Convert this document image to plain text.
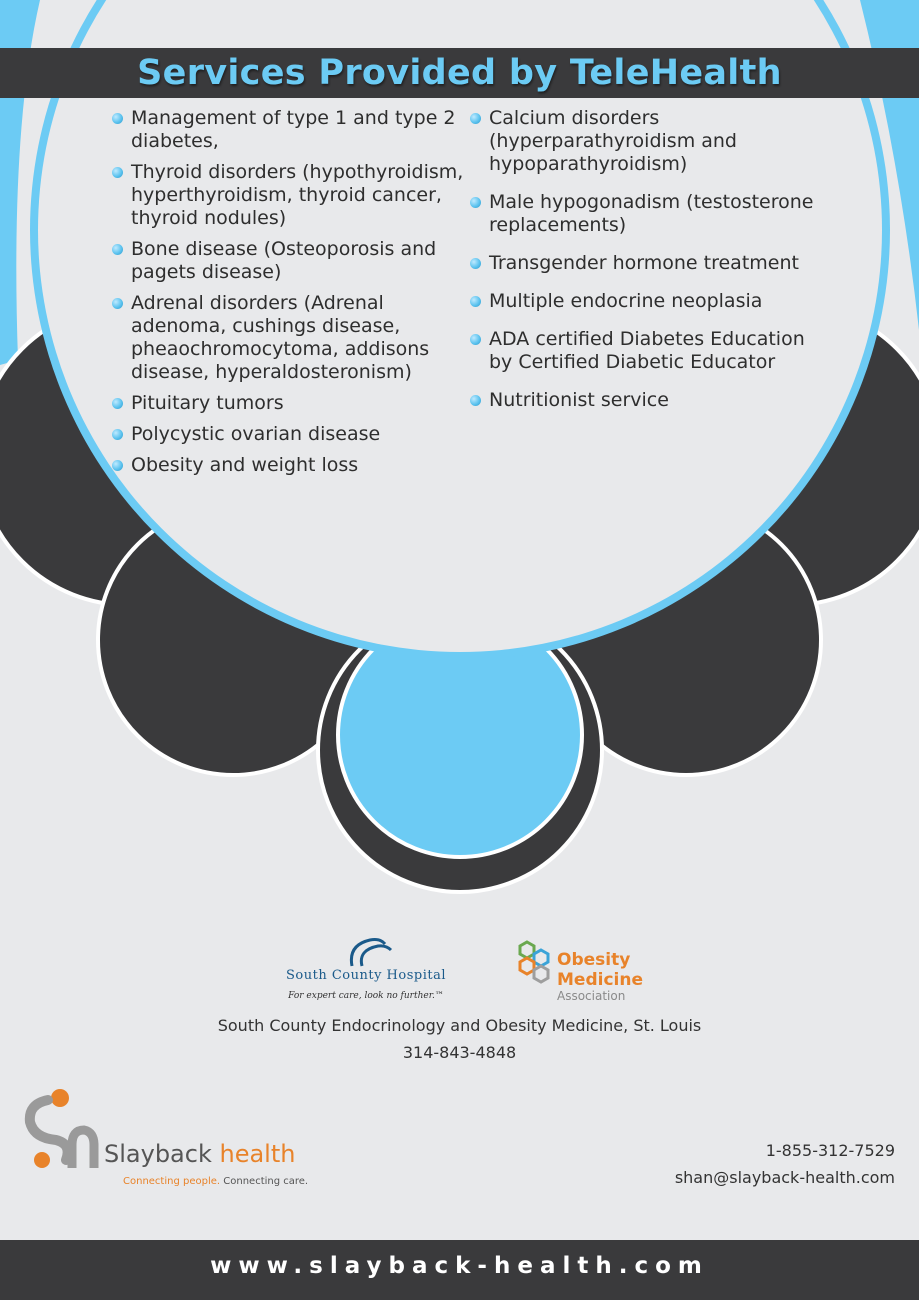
Services Provided by TeleHealth
Management of type 1 and type 2 diabetes,
Thyroid disorders (hypothyroidism, hyperthyroidism, thyroid cancer, thyroid nodules)
Bone disease (Osteoporosis and pagets disease)
Adrenal disorders (Adrenal adenoma, cushings disease, pheaochromocytoma, addisons disease, hyperaldosteronism)
Pituitary tumors
Polycystic ovarian disease
Obesity and weight loss
Calcium disorders (hyperparathyroidism and hypoparathyroidism)
Male hypogonadism (testosterone replacements)
Transgender hormone treatment
Multiple endocrine neoplasia
ADA certified Diabetes Education by Certified Diabetic Educator
Nutritionist service
South County Hospital
For expert care, look no further.™
Obesity
Medicine
Association
South County Endocrinology and Obesity Medicine, St. Louis
314-843-4848
Slayback health
Connecting people. Connecting care.
1-855-312-7529
shan@slayback-health.com
www.slayback-health.com
